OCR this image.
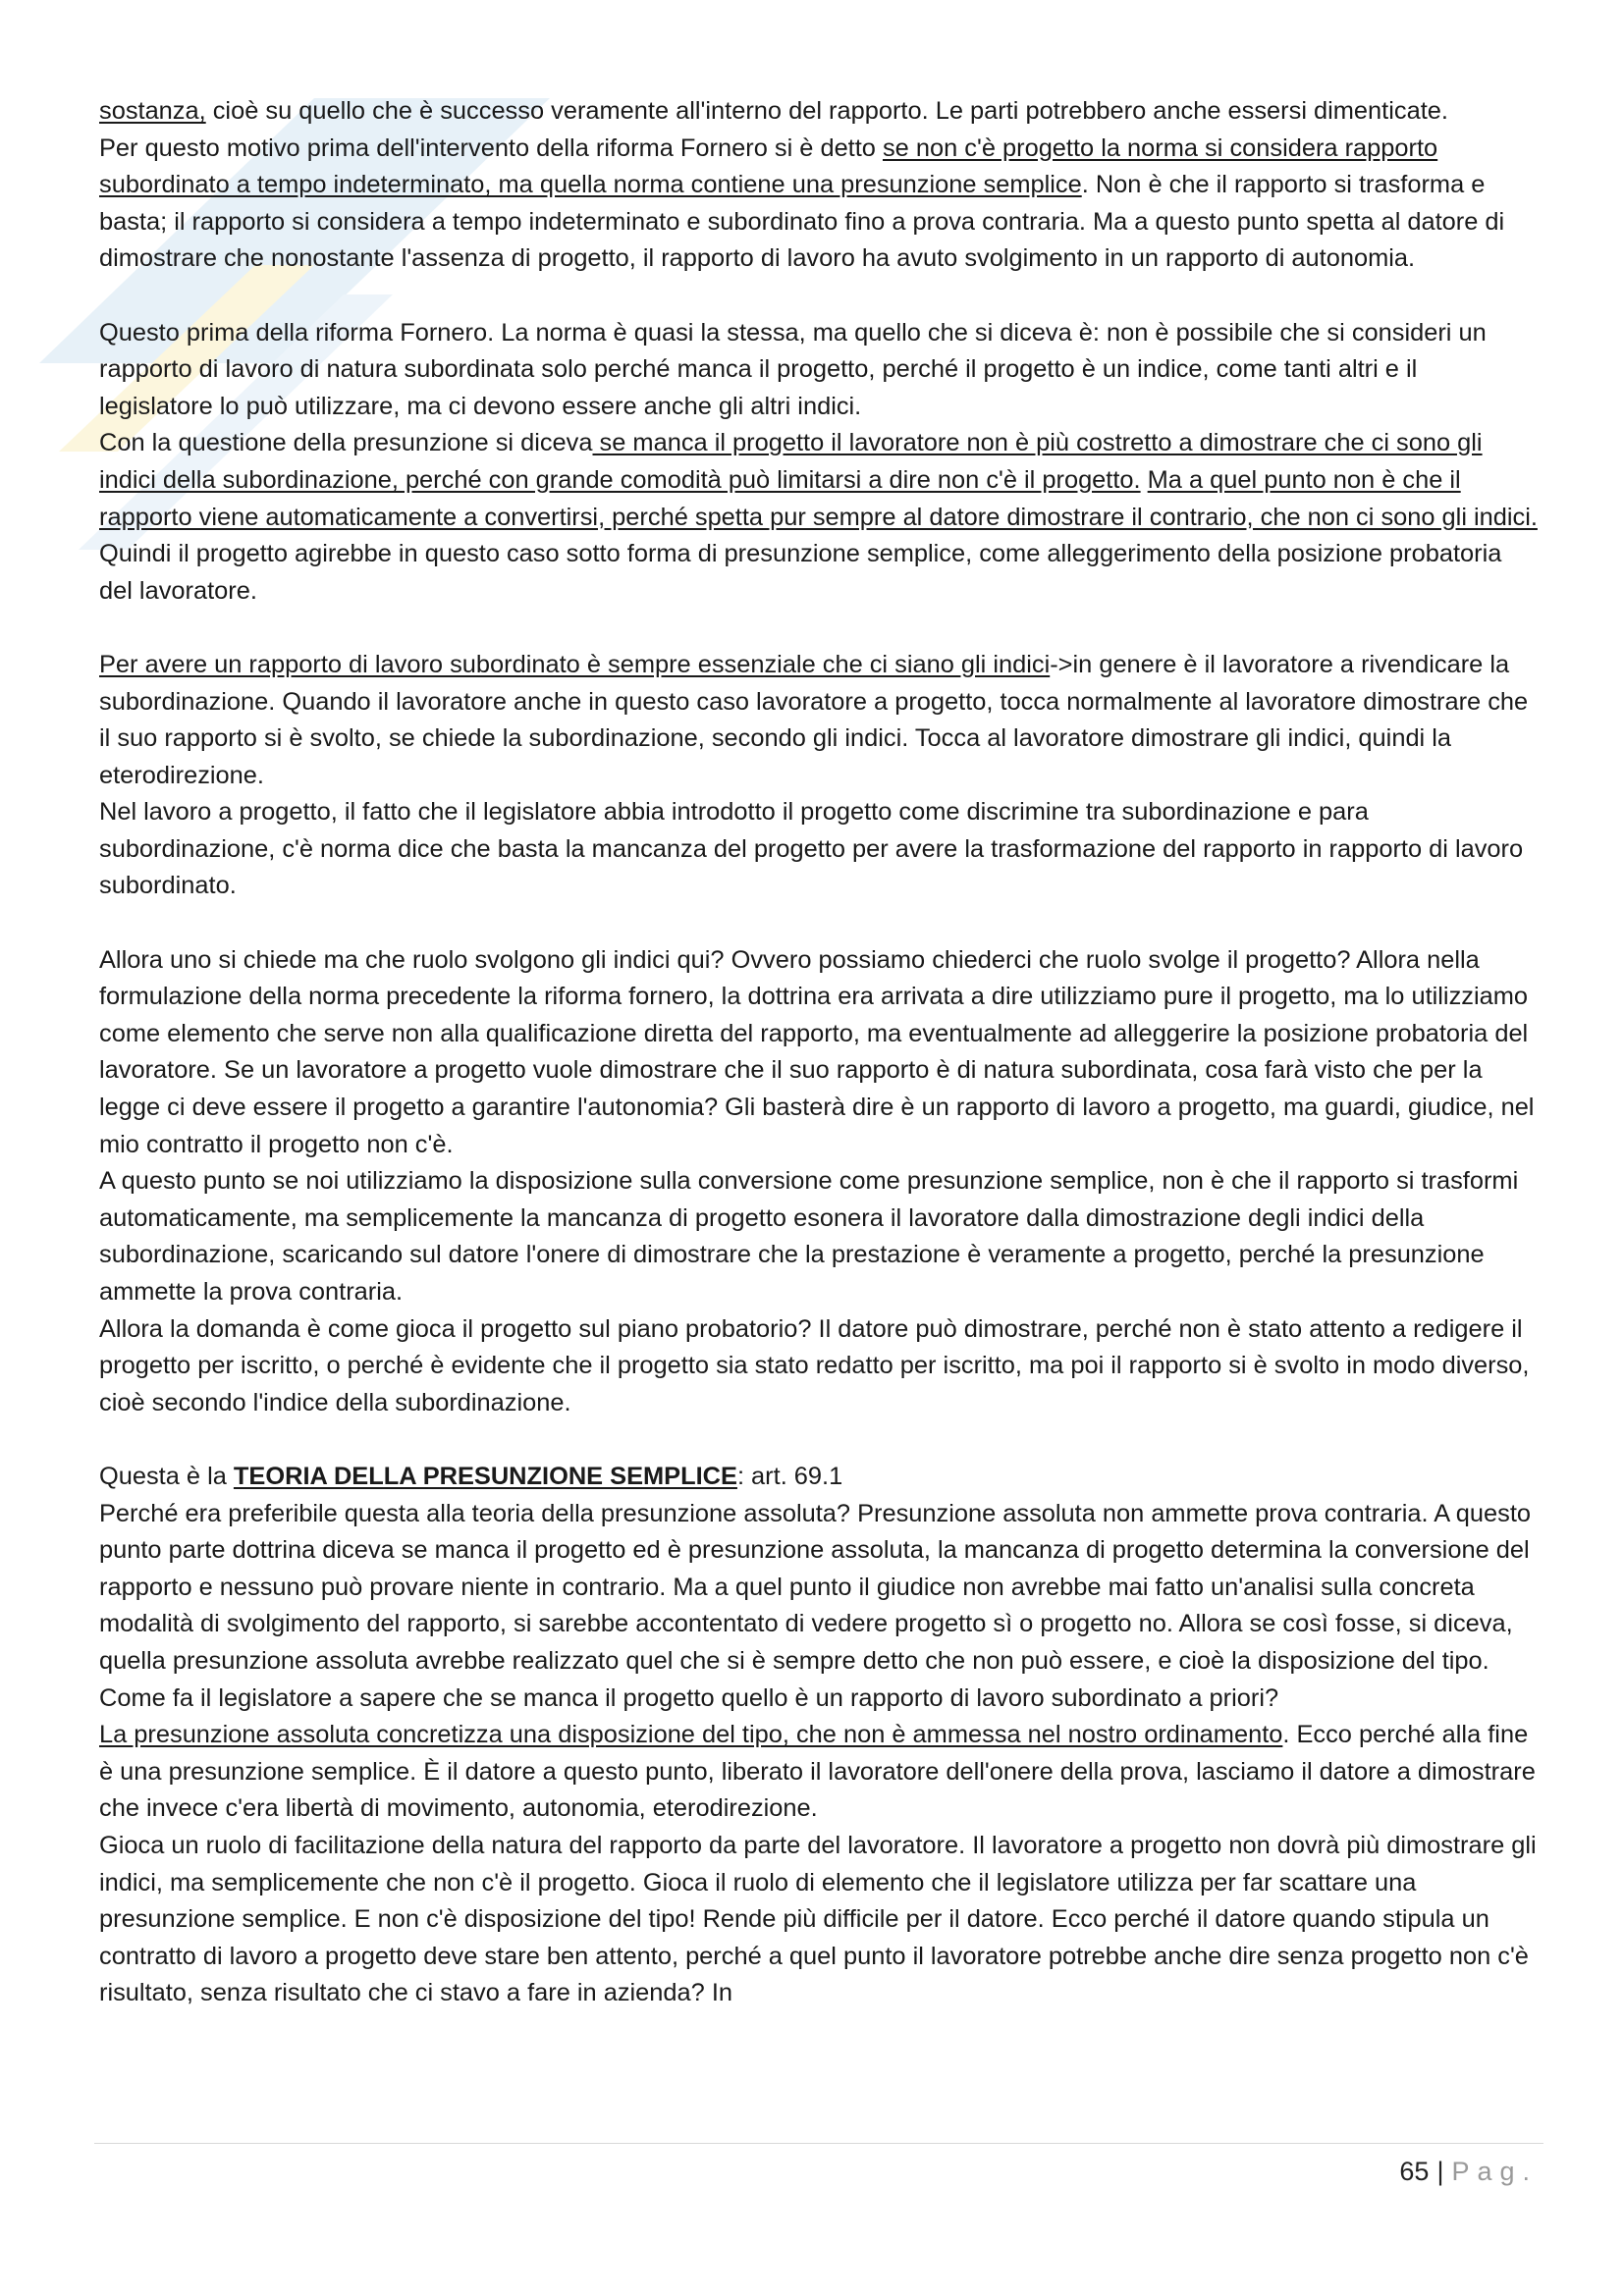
sostanza, cioè su quello che è successo veramente all'interno del rapporto. Le parti potrebbero anche essersi dimenticate.

Per questo motivo prima dell'intervento della riforma Fornero si è detto se non c'è progetto la norma si considera rapporto subordinato a tempo indeterminato, ma quella norma contiene una presunzione semplice. Non è che il rapporto si trasforma e basta; il rapporto si considera a tempo indeterminato e subordinato fino a prova contraria. Ma a questo punto spetta al datore di dimostrare che nonostante l'assenza di progetto, il rapporto di lavoro ha avuto svolgimento in un rapporto di autonomia.

Questo prima della riforma Fornero. La norma è quasi la stessa, ma quello che si diceva è: non è possibile che si consideri un rapporto di lavoro di natura subordinata solo perché manca il progetto, perché il progetto è un indice, come tanti altri e il legislatore lo può utilizzare, ma ci devono essere anche gli altri indici.

Con la questione della presunzione si diceva se manca il progetto il lavoratore non è più costretto a dimostrare che ci sono gli indici della subordinazione, perché con grande comodità può limitarsi a dire non c'è il progetto. Ma a quel punto non è che il rapporto viene automaticamente a convertirsi, perché spetta pur sempre al datore dimostrare il contrario, che non ci sono gli indici. Quindi il progetto agirebbe in questo caso sotto forma di presunzione semplice, come alleggerimento della posizione probatoria del lavoratore.

Per avere un rapporto di lavoro subordinato è sempre essenziale che ci siano gli indici->in genere è il lavoratore a rivendicare la subordinazione. Quando il lavoratore anche in questo caso lavoratore a progetto, tocca normalmente al lavoratore dimostrare che il suo rapporto si è svolto, se chiede la subordinazione, secondo gli indici. Tocca al lavoratore dimostrare gli indici, quindi la eterodirezione.

Nel lavoro a progetto, il fatto che il legislatore abbia introdotto il progetto come discrimine tra subordinazione e para subordinazione, c'è norma dice che basta la mancanza del progetto per avere la trasformazione del rapporto in rapporto di lavoro subordinato.

Allora uno si chiede ma che ruolo svolgono gli indici qui? Ovvero possiamo chiederci che ruolo svolge il progetto? Allora nella formulazione della norma precedente la riforma fornero, la dottrina era arrivata a dire utilizziamo pure il progetto, ma lo utilizziamo come elemento che serve non alla qualificazione diretta del rapporto, ma eventualmente ad alleggerire la posizione probatoria del lavoratore. Se un lavoratore a progetto vuole dimostrare che il suo rapporto è di natura subordinata, cosa farà visto che per la legge ci deve essere il progetto a garantire l'autonomia? Gli basterà dire è un rapporto di lavoro a progetto, ma guardi, giudice, nel mio contratto il progetto non c'è.

A questo punto se noi utilizziamo la disposizione sulla conversione come presunzione semplice, non è che il rapporto si trasformi automaticamente, ma semplicemente la mancanza di progetto esonera il lavoratore dalla dimostrazione degli indici della subordinazione, scaricando sul datore l'onere di dimostrare che la prestazione è veramente a progetto, perché la presunzione ammette la prova contraria.

Allora la domanda è come gioca il progetto sul piano probatorio? Il datore può dimostrare, perché non è stato attento a redigere il progetto per iscritto, o perché è evidente che il progetto sia stato redatto per iscritto, ma poi il rapporto si è svolto in modo diverso, cioè secondo l'indice della subordinazione.

Questa è la TEORIA DELLA PRESUNZIONE SEMPLICE: art. 69.1

Perché era preferibile questa alla teoria della presunzione assoluta? Presunzione assoluta non ammette prova contraria. A questo punto parte dottrina diceva se manca il progetto ed è presunzione assoluta, la mancanza di progetto determina la conversione del rapporto e nessuno può provare niente in contrario. Ma a quel punto il giudice non avrebbe mai fatto un'analisi sulla concreta modalità di svolgimento del rapporto, si sarebbe accontentato di vedere progetto sì o progetto no. Allora se così fosse, si diceva, quella presunzione assoluta avrebbe realizzato quel che si è sempre detto che non può essere, e cioè la disposizione del tipo.

Come fa il legislatore a sapere che se manca il progetto quello è un rapporto di lavoro subordinato a priori?

La presunzione assoluta concretizza una disposizione del tipo, che non è ammessa nel nostro ordinamento. Ecco perché alla fine è una presunzione semplice. È il datore a questo punto, liberato il lavoratore dell'onere della prova, lasciamo il datore a dimostrare che invece c'era libertà di movimento, autonomia, eterodirezione.

Gioca un ruolo di facilitazione della natura del rapporto da parte del lavoratore. Il lavoratore a progetto non dovrà più dimostrare gli indici, ma semplicemente che non c'è il progetto. Gioca il ruolo di elemento che il legislatore utilizza per far scattare una presunzione semplice. E non c'è disposizione del tipo! Rende più difficile per il datore. Ecco perché il datore quando stipula un contratto di lavoro a progetto deve stare ben attento, perché a quel punto il lavoratore potrebbe anche dire senza progetto non c'è risultato, senza risultato che ci stavo a fare in azienda? In

65 | Pag.
